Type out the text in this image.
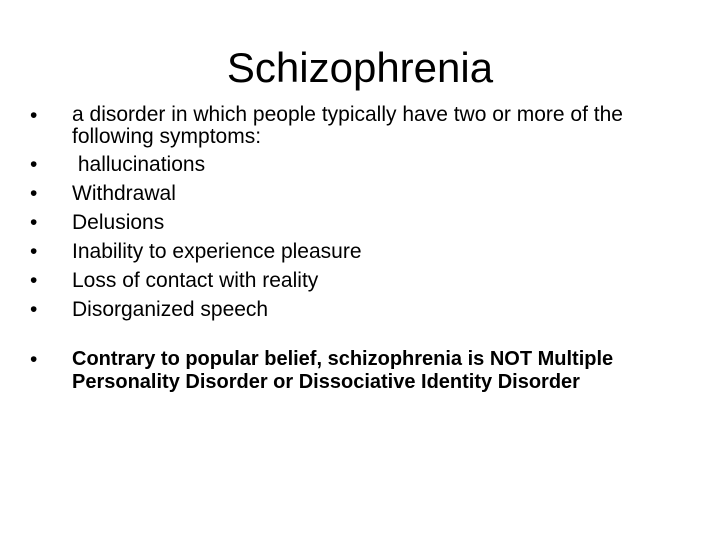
Schizophrenia
• a disorder in which people typically have two or more of the following symptoms:
• hallucinations
• Withdrawal
• Delusions
• Inability to experience pleasure
• Loss of contact with reality
• Disorganized speech
• Contrary to popular belief, schizophrenia is NOT Multiple Personality Disorder or Dissociative Identity Disorder
